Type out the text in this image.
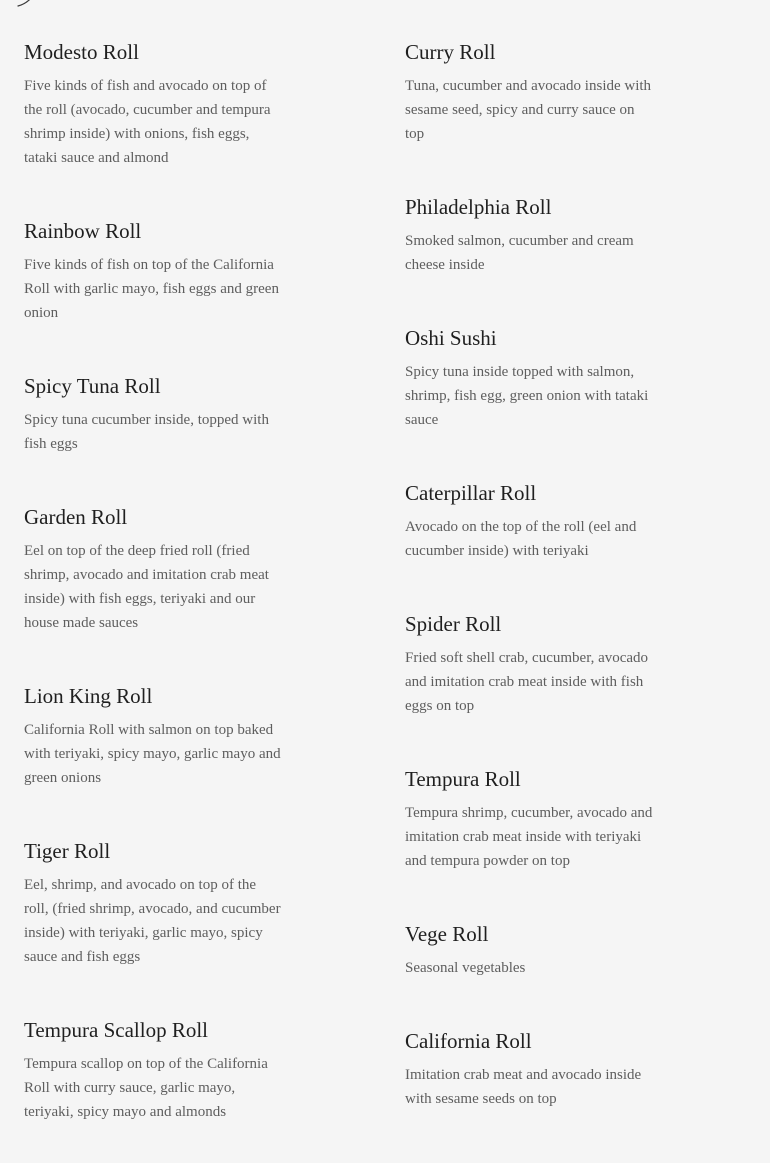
Modesto Roll

Five kinds of fish and avocado on top of the roll (avocado, cucumber and tempura shrimp inside) with onions, fish eggs, tataki sauce and almond

Rainbow Roll

Five kinds of fish on top of the California Roll with garlic mayo, fish eggs and green onion

Spicy Tuna Roll

Spicy tuna cucumber inside, topped with fish eggs

Garden Roll

Eel on top of the deep fried roll (fried shrimp, avocado and imitation crab meat inside) with fish eggs, teriyaki and our house made sauces

Lion King Roll

California Roll with salmon on top baked with teriyaki, spicy mayo, garlic mayo and green onions

Tiger Roll

Eel, shrimp, and avocado on top of the roll, (fried shrimp, avocado, and cucumber inside) with teriyaki, garlic mayo, spicy sauce and fish eggs

Tempura Scallop Roll

Tempura scallop on top of the California Roll with curry sauce, garlic mayo, teriyaki, spicy mayo and almonds

Curry Roll

Tuna, cucumber and avocado inside with sesame seed, spicy and curry sauce on top

Philadelphia Roll

Smoked salmon, cucumber and cream cheese inside

Oshi Sushi

Spicy tuna inside topped with salmon, shrimp, fish egg, green onion with tataki sauce

Caterpillar Roll

Avocado on the top of the roll (eel and cucumber inside) with teriyaki

Spider Roll

Fried soft shell crab, cucumber, avocado and imitation crab meat inside with fish eggs on top

Tempura Roll

Tempura shrimp, cucumber, avocado and imitation crab meat inside with teriyaki and tempura powder on top

Vege Roll

Seasonal vegetables

California Roll

Imitation crab meat and avocado inside with sesame seeds on top
